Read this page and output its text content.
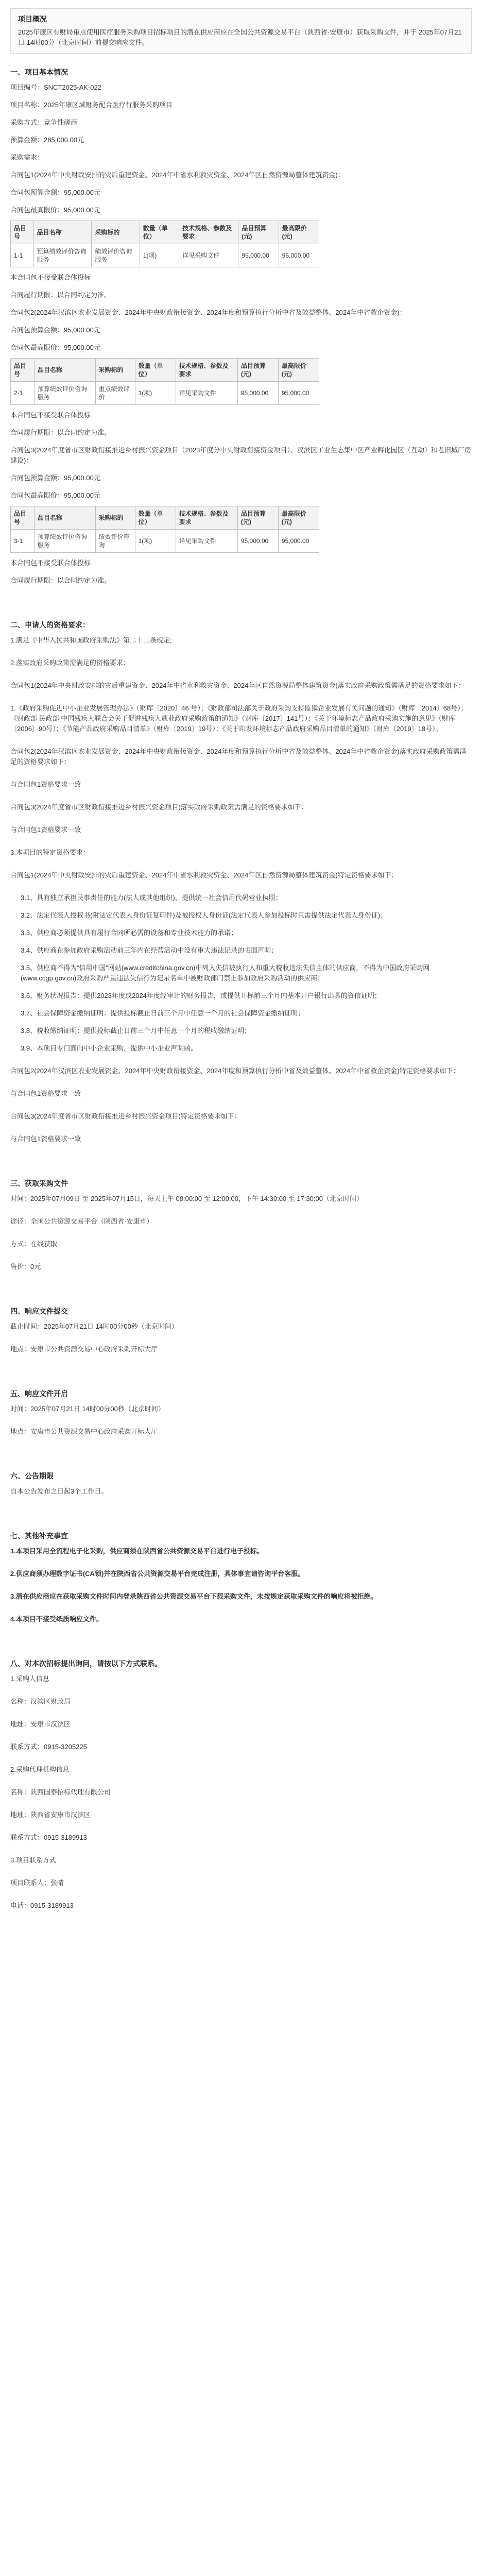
项目概况

2025年康区有财局重点使用医疗服务采购项目招标项目的潜在供应商应在全国公共资源交易平台（陕西省·安康市）获取采购文件，并于 2025年07月21日 14时00分（北京时间）前提交响应文件。

一、项目基本情况

项目编号：SNCT2025-AK-022

项目名称：2025年康区域财务配合医疗行服务采购项目

采购方式：竞争性磋商

预算金额：285,000.00元

采购需求：

合同包1(2024年中央财政安排的灾后重建资金、2024年中省水利救灾资金、2024年区自然资源局整体建筑资金)：

合同包预算金额：95,000.00元

合同包最高限价：95,000.00元

品目号	品目名称	采购标的	数量（单位）	技术规格、参数及要求	品目预算(元)	最高限价(元)
1-1	预算绩效评价咨询服务	绩效评价咨询服务	1(项)	详见采购文件	95,000.00	95,000.00

本合同包不接受联合体投标

合同履行期限：以合同约定为准。

合同包2(2024年汉滨区农业发展资金、2024年中央财政衔接资金、2024年度和预算执行分析中省及效益整体、2024年中省救企资金)：

合同包预算金额：95,000.00元

合同包最高限价：95,000.00元

品目号	品目名称	采购标的	数量（单位）	技术规格、参数及要求	品目预算(元)	最高限价(元)
2-1	预算绩效评价咨询服务	重点绩效评价	1(项)	详见采购文件	95,000.00	95,000.00

本合同包不接受联合体投标

合同履行期限：以合同约定为准。

合同包3(2024年度省市区财政衔接推进乡村振兴资金项目（2023年度分中央财政衔接资金项目）、汉滨区工业生态集中区产业孵化园区（互动）和老旧城厂房建设)：

合同包预算金额：95,000.00元

合同包最高限价：95,000.00元

品目号	品目名称	采购标的	数量（单位）	技术规格、参数及要求	品目预算(元)	最高限价(元)
3-1	预算绩效评价咨询服务	绩效评价咨询	1(项)	详见采购文件	95,000.00	95,000.00

本合同包不接受联合体投标

合同履行期限：以合同约定为准。

二、申请人的资格要求：

1.满足《中华人民共和国政府采购法》第二十二条规定;

2.落实政府采购政策需满足的资格要求：

合同包1(2024年中央财政安排的灾后重建资金、2024年中省水利救灾资金、2024年区自然资源局整体建筑资金)落实政府采购政策需满足的资格要求如下：

1.《政府采购促进中小企业发展管理办法》（财库〔2020〕46 号）；《财政部司法部关于政府采购支持监狱企业发展有关问题的通知》（财库〔2014〕68号）；《财政部 民政部 中国残疾人联合会关于促进残疾人就业政府采购政策的通知》（财库〔2017〕141号）；《关于环境标志产品政府采购实施的意见》（财库〔2006〕90号）；《节能产品政府采购品目清单》（财库〔2019〕19号）；《关于印发环境标志产品政府采购品目清单的通知》（财库〔2019〕18号）。

合同包2(2024年汉滨区农业发展资金、2024年中央财政衔接资金、2024年度和预算执行分析中省及效益整体、2024年中省救企资金)落实政府采购政策需满足的资格要求如下：

与合同包1资格要求一致

合同包3(2024年度省市区财政衔接推进乡村振兴资金项目)落实政府采购政策需满足的资格要求如下：

与合同包1资格要求一致

3.本项目的特定资格要求：

合同包1(2024年中央财政安排的灾后重建资金、2024年中省水利救灾资金、2024年区自然资源局整体建筑资金)特定资格要求如下：

3.1、具有独立承担民事责任的能力(法人或其他组织)，提供统一社会信用代码营业执照；

3.2、法定代表人授权书(附法定代表人身份证复印件)及被授权人身份证(法定代表人参加投标时只需提供法定代表人身份证)；

3.3、供应商必须提供具有履行合同所必需的设备和专业技术能力的承诺；

3.4、供应商在参加政府采购活动前三年内在经营活动中没有重大违法记录的书面声明；

3.5、供应商不得为“信用中国”网站(www.creditchina.gov.cn)中列入失信被执行人和重大税收违法失信主体的供应商，不得为中国政府采购网(www.ccgp.gov.cn)政府采购严重违法失信行为记录名单中被财政部门禁止参加政府采购活动的供应商；

3.6、财务状况报告：提供2023年度或2024年度经审计的财务报告，或提供开标前三个月内基本开户银行出具的资信证明；

3.7、社会保障资金缴纳证明：提供投标截止日前三个月中任意一个月的社会保障资金缴纳证明；

3.8、税收缴纳证明：提供投标截止日前三个月中任意一个月的税收缴纳证明；

3.9、本项目专门面向中小企业采购，提供中小企业声明函。

合同包2(2024年汉滨区农业发展资金、2024年中央财政衔接资金、2024年度和预算执行分析中省及效益整体、2024年中省救企资金)特定资格要求如下：

与合同包1资格要求一致

合同包3(2024年度省市区财政衔接推进乡村振兴资金项目)特定资格要求如下：

与合同包1资格要求一致

三、获取采购文件

时间：2025年07月09日 至 2025年07月15日，每天上午 08:00:00 至 12:00:00，下午 14:30:00 至 17:30:00（北京时间）

途径：全国公共资源交易平台（陕西省·安康市）

方式：在线获取

售价：0元

四、响应文件提交

截止时间：2025年07月21日 14时00分00秒（北京时间）

地点：安康市公共资源交易中心政府采购开标大厅

五、响应文件开启

时间：2025年07月21日 14时00分00秒（北京时间）

地点：安康市公共资源交易中心政府采购开标大厅

六、公告期限

自本公告发布之日起3个工作日。

七、其他补充事宜

1.本项目采用全流程电子化采购，供应商须在陕西省公共资源交易平台进行电子投标。

2.供应商须办理数字证书(CA锁)并在陕西省公共资源交易平台完成注册，具体事宜请咨询平台客服。

3.潜在供应商应在获取采购文件时间内登录陕西省公共资源交易平台下载采购文件，未按规定获取采购文件的响应将被拒绝。

4.本项目不接受纸质响应文件。

八、对本次招标提出询问，请按以下方式联系。

1.采购人信息

名称：汉滨区财政局

地址：安康市汉滨区

联系方式：0915-3205225

2.采购代理机构信息

名称：陕西国泰招标代理有限公司

地址：陕西省安康市汉滨区

联系方式：0915-3189913

3.项目联系方式

项目联系人：张晴

电话：0915-3189913
